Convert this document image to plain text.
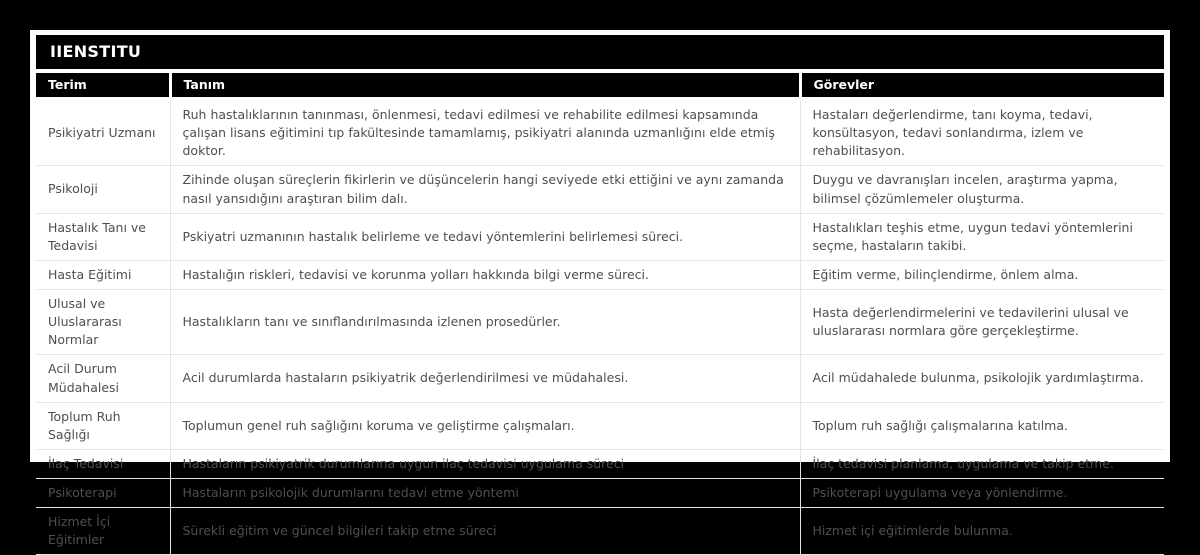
IIENSTITU
Terim	Tanım	Görevler
Psikiyatri Uzmanı	Ruh hastalıklarının tanınması, önlenmesi, tedavi edilmesi ve rehabilite edilmesi kapsamında çalışan lisans eğitimini tıp fakültesinde tamamlamış, psikiyatri alanında uzmanlığını elde etmiş doktor.	Hastaları değerlendirme, tanı koyma, tedavi, konsültasyon, tedavi sonlandırma, izlem ve rehabilitasyon.
Psikoloji	Zihinde oluşan süreçlerin fikirlerin ve düşüncelerin hangi seviyede etki ettiğini ve aynı zamanda nasıl yansıdığını araştıran bilim dalı.	Duygu ve davranışları incelen, araştırma yapma, bilimsel çözümlemeler oluşturma.
Hastalık Tanı ve Tedavisi	Pskiyatri uzmanının hastalık belirleme ve tedavi yöntemlerini belirlemesi süreci.	Hastalıkları teşhis etme, uygun tedavi yöntemlerini seçme, hastaların takibi.
Hasta Eğitimi	Hastalığın riskleri, tedavisi ve korunma yolları hakkında bilgi verme süreci.	Eğitim verme, bilinçlendirme, önlem alma.
Ulusal ve Uluslararası Normlar	Hastalıkların tanı ve sınıflandırılmasında izlenen prosedürler.	Hasta değerlendirmelerini ve tedavilerini ulusal ve uluslararası normlara göre gerçekleştirme.
Acil Durum Müdahalesi	Acil durumlarda hastaların psikiyatrik değerlendirilmesi ve müdahalesi.	Acil müdahalede bulunma, psikolojik yardımlaştırma.
Toplum Ruh Sağlığı	Toplumun genel ruh sağlığını koruma ve geliştirme çalışmaları.	Toplum ruh sağlığı çalışmalarına katılma.
İlaç Tedavisi	Hastaların psikiyatrik durumlarına uygun ilaç tedavisi uygulama süreci	İlaç tedavisi planlama, uygulama ve takip etme.
Psikoterapi	Hastaların psikolojik durumlarını tedavi etme yöntemi	Psikoterapi uygulama veya yönlendirme.
Hizmet İçi Eğitimler	Sürekli eğitim ve güncel bilgileri takip etme süreci	Hizmet içi eğitimlerde bulunma.
